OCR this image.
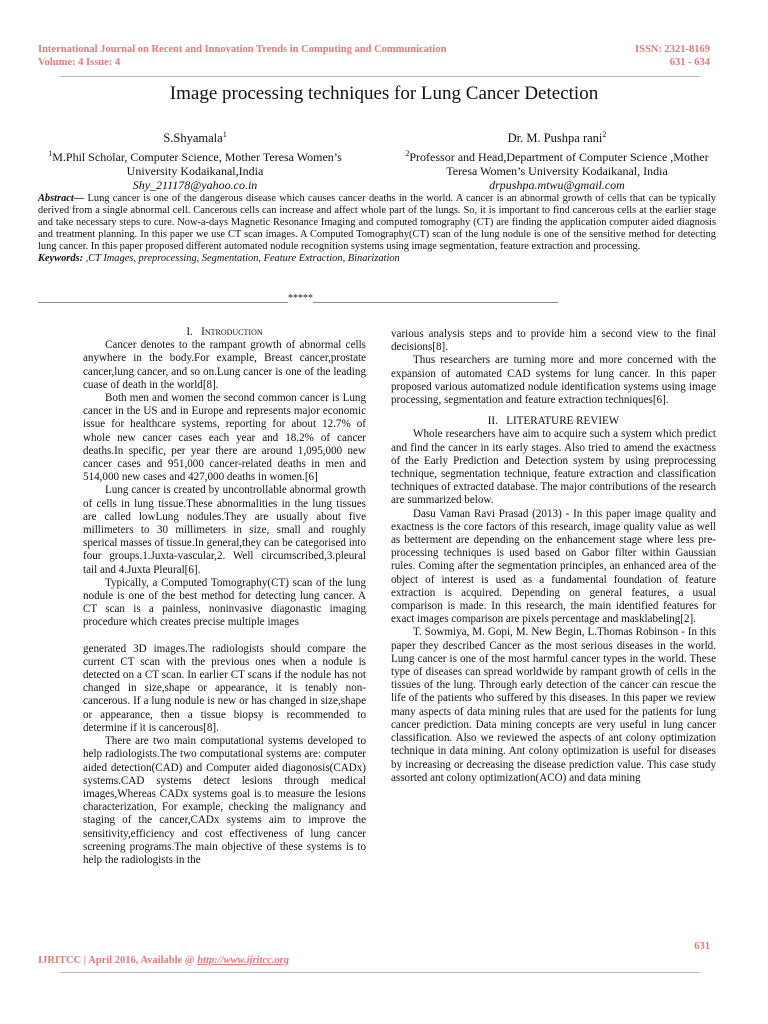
International Journal on Recent and Innovation Trends in Computing and Communication
Volume: 4 Issue: 4
ISSN: 2321-8169
631 - 634
Image processing techniques for Lung Cancer Detection
S.Shyamala$^1$
$^1$M.Phil Scholar, Computer Science, Mother Teresa Women’s
University Kodaikanal,India
Shy_211178@yahoo.co.in
Dr. M. Pushpa rani$^2$
$^2$Professor and Head,Department of Computer Science ,Mother
Teresa Women’s University Kodaikanal, India
drpushpa.mtwu@gmail.com
Abstract— Lung cancer is one of the dangerous disease which causes cancer deaths in the world. A cancer is an abnormal growth of cells that can be typically derived from a single abnormal cell. Cancerous cells can increase and affect whole part of the lungs. So, it is important to find cancerous cells at the earlier stage and take necessary steps to cure. Now-a-days Magnetic Resonance Imaging and computed tomography (CT) are finding the application computer aided diagnosis and treatment planning. In this paper we use CT scan images. A Computed Tomography(CT) scan of the lung nodule is one of the sensitive method for detecting lung cancer. In this paper proposed different automated nodule recognition systems using image segmentation, feature extraction and processing.
Keywords: ,CT Images, preprocessing, Segmentation, Feature Extraction, Binarization
__________________________________________________*****_________________________________________________

I. Introduction

Cancer denotes to the rampant growth of abnormal cells anywhere in the body.For example, Breast cancer,prostate cancer,lung cancer, and so on.Lung cancer is one of the leading cuase of death in the world[8].

Both men and women the second common cancer is Lung cancer in the US and in Europe and represents major economic issue for healthcare systems, reporting for about 12.7% of whole new cancer cases each year and 18.2% of cancer deaths.In specific, per year there are around 1,095,000 new cancer cases and 951,000 cancer-related deaths in men and 514,000 new cases and 427,000 deaths in women.[6]

Lung cancer is created by uncontrollable abnormal growth of cells in lung tissue.These abnormalities in the lung tissues are called lowLung nodules.They are usually about five millimeters to 30 millimeters in size, small and roughly sperical masses of tissue.In general,they can be categorised into four groups.1.Juxta-vascular,2. Well circumscribed,3.pleural tail and 4.Juxta Pleural[6].

Typically, a Computed Tomography(CT) scan of the lung nodule is one of the best method for detecting lung cancer. A CT scan is a painless, noninvasive diagonastic imaging procedure which creates precise multiple images

generated 3D images.The radiologists should compare the current CT scan with the previous ones when a nodule is detected on a CT scan. In earlier CT scans if the nodule has not changed in size,shape or appearance, it is tenably non-cancerous. If a lung nodule is new or has changed in size,shape or appearance, then a tissue biopsy is recommended to determine if it is cancerous[8].

There are two main computational systems developed to help radiologists.The two computational systems are: computer aided detection(CAD) and Computer aided diagonosis(CADx) systems.CAD systems detect lesions through medical images,Whereas CADx systems goal is to measure the lesions characterization, For example, checking the malignancy and staging of the cancer,CADx systems aim to improve the sensitivity,efficiency and cost effectiveness of lung cancer screening programs.The main objective of these systems is to help the radiologists in the

various analysis steps and to provide him a second view to the final decisions[8].

Thus researchers are turning more and more concerned with the expansion of automated CAD systems for lung cancer. In this paper proposed various automatized nodule identification systems using image processing, segmentation and feature extraction techniques[6].

II. LITERATURE REVIEW

Whole researchers have aim to acquire such a system which predict and find the cancer in its early stages. Also tried to amend the exactness of the Early Prediction and Detection system by using preprocessing technique, segmentation technique, feature extraction and classification techniques of extracted database. The major contributions of the research are summarized below.

Dasu Vaman Ravi Prasad (2013) - In this paper image quality and exactness is the core factors of this research, image quality value as well as betterment are depending on the enhancement stage where less pre-processing techniques is used based on Gabor filter within Gaussian rules. Coming after the segmentation principles, an enhanced area of the object of interest is used as a fundamental foundation of feature extraction is acquired. Depending on general features, a usual comparison is made. In this research, the main identified features for exact images comparison are pixels percentage and masklabeling[2].

T. Sowmiya, M. Gopi, M. New Begin, L.Thomas Robinson - In this paper they described Cancer as the most serious diseases in the world. Lung cancer is one of the most harmful cancer types in the world. These type of diseases can spread worldwide by rampant growth of cells in the tissues of the lung. Through early detection of the cancer can rescue the life of the patients who suffered by this diseases. In this paper we review many aspects of data mining rules that are used for the patients for lung cancer prediction. Data mining concepts are very useful in lung cancer classification. Also we reviewed the aspects of ant colony optimization technique in data mining. Ant colony optimization is useful for diseases by increasing or decreasing the disease prediction value. This case study assorted ant colony optimization(ACO) and data mining

631
IJRITCC | April 2016, Available @ http://www.ijritcc.org
